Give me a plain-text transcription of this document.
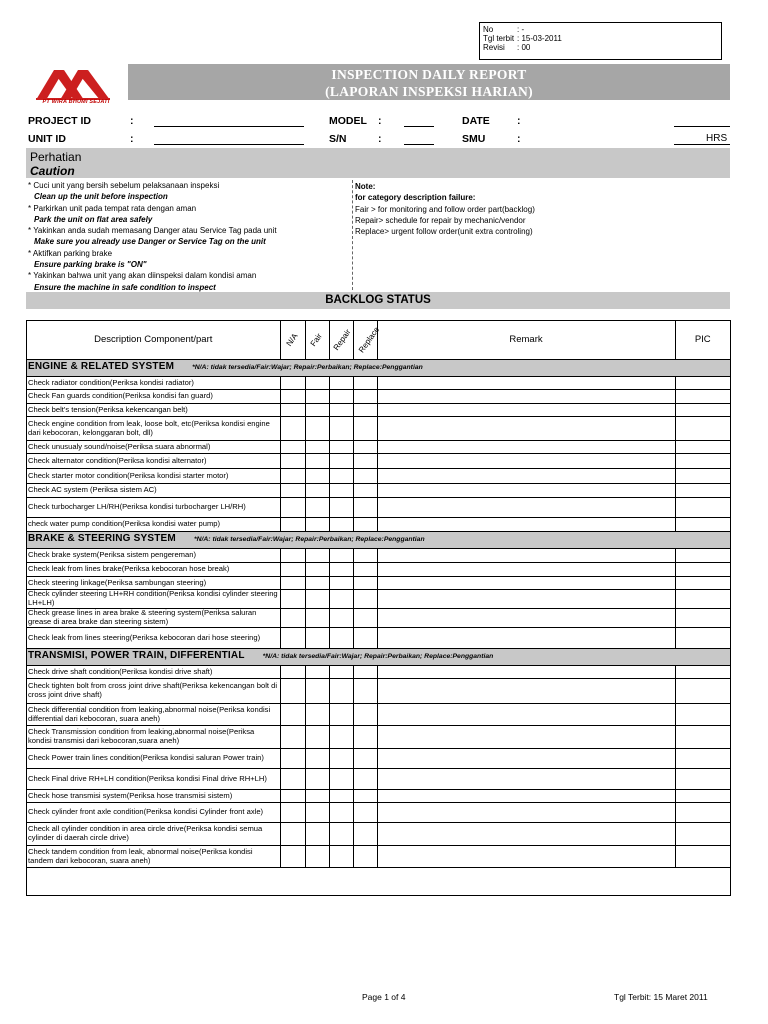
No	: -
Tgl terbit : 15-03-2011
Revisi	: 00
PT WIRA BHUMI SEJATI
INSPECTION DAILY REPORT
(LAPORAN INSPEKSI HARIAN)
PROJECT ID	:	MODEL :	DATE	:
UNIT ID	:	S/N	:	SMU	:	HRS
Perhatian
Caution
* Cuci unit yang bersih sebelum pelaksanaan inspeksi
Clean up the unit before inspection
* Parkirkan unit pada tempat rata dengan aman
Park the unit on flat area safely
* Yakinkan anda sudah memasang Danger atau Service Tag pada unit
Make sure you already use Danger or Service Tag on the unit
* Aktifkan parking brake
Ensure parking brake is "ON"
* Yakinkan bahwa unit yang akan diinspeksi dalam kondisi aman
Ensure the machine in safe condition to inspect
Note:
for category description failure:
Fair > for monitoring and follow order part(backlog)
Repair> schedule for repair by mechanic/vendor
Replace> urgent follow order(unit extra controling)
BACKLOG STATUS
Description Component/part	N/A	Fair	Repair	Replace	Remark	PIC
ENGINE & RELATED SYSTEM *N/A: tidak tersedia/Fair:Wajar; Repair:Perbaikan; Replace:Penggantian						
Check radiator condition(Periksa kondisi radiator)						
Check Fan guards condition(Periksa kondisi fan guard)						
Check belt's tension(Periksa kekencangan belt)						
Check engine condition from leak, loose bolt, etc(Periksa kondisi engine dari kebocoran, kelonggaran bolt, dll)						
Check unusualy sound/noise(Periksa suara abnormal)						
Check alternator condition(Periksa kondisi alternator)						
Check starter motor condition(Periksa kondisi starter motor)						
Check AC system (Periksa sistem AC)						
Check turbocharger LH/RH(Periksa kondisi turbocharger LH/RH)						
check water pump condition(Periksa kondisi water pump)						
BRAKE & STEERING SYSTEM *N/A: tidak tersedia/Fair:Wajar; Repair:Perbaikan; Replace:Penggantian						
Check brake system(Periksa sistem pengereman)						
Check leak from lines brake(Periksa kebocoran hose break)						
Check steering linkage(Periksa sambungan steering)						
Check cylinder steering LH+RH condition(Periksa kondisi cylinder steering LH+LH)						
Check grease lines in area brake & steering system(Periksa saluran grease di area brake dan steering sistem)						
Check leak from lines steering(Periksa kebocoran dari hose steering)						
TRANSMISI, POWER TRAIN, DIFFERENTIAL *N/A: tidak tersedia/Fair:Wajar; Repair:Perbaikan; Replace:Penggantian						
Check drive shaft condition(Periksa kondisi drive shaft)						
Check tighten bolt from cross joint drive shaft(Periksa kekencangan bolt di cross joint drive shaft)						
Check differential condition from leaking,abnormal noise(Periksa kondisi differential dari kebocoran, suara aneh)						
Check Transmission condition from leaking,abnormal noise(Periksa kondisi transmisi dari kebocoran,suara aneh)						
Check Power train lines condition(Periksa kondisi saluran Power train)						
Check Final drive RH+LH condition(Periksa kondisi Final drive RH+LH)						
Check hose transmisi system(Periksa hose transmisi sistem)						
Check cylinder front axle condition(Periksa kondisi Cylinder front axle)						
Check all cylinder condition in area circle drive(Periksa kondisi semua cylinder di daerah circle drive)						
Check tandem condition from leak, abnormal noise(Periksa kondisi tandem dari kebocoran, suara aneh)						
Page 1 of 4	Tgl Terbit: 15 Maret 2011
